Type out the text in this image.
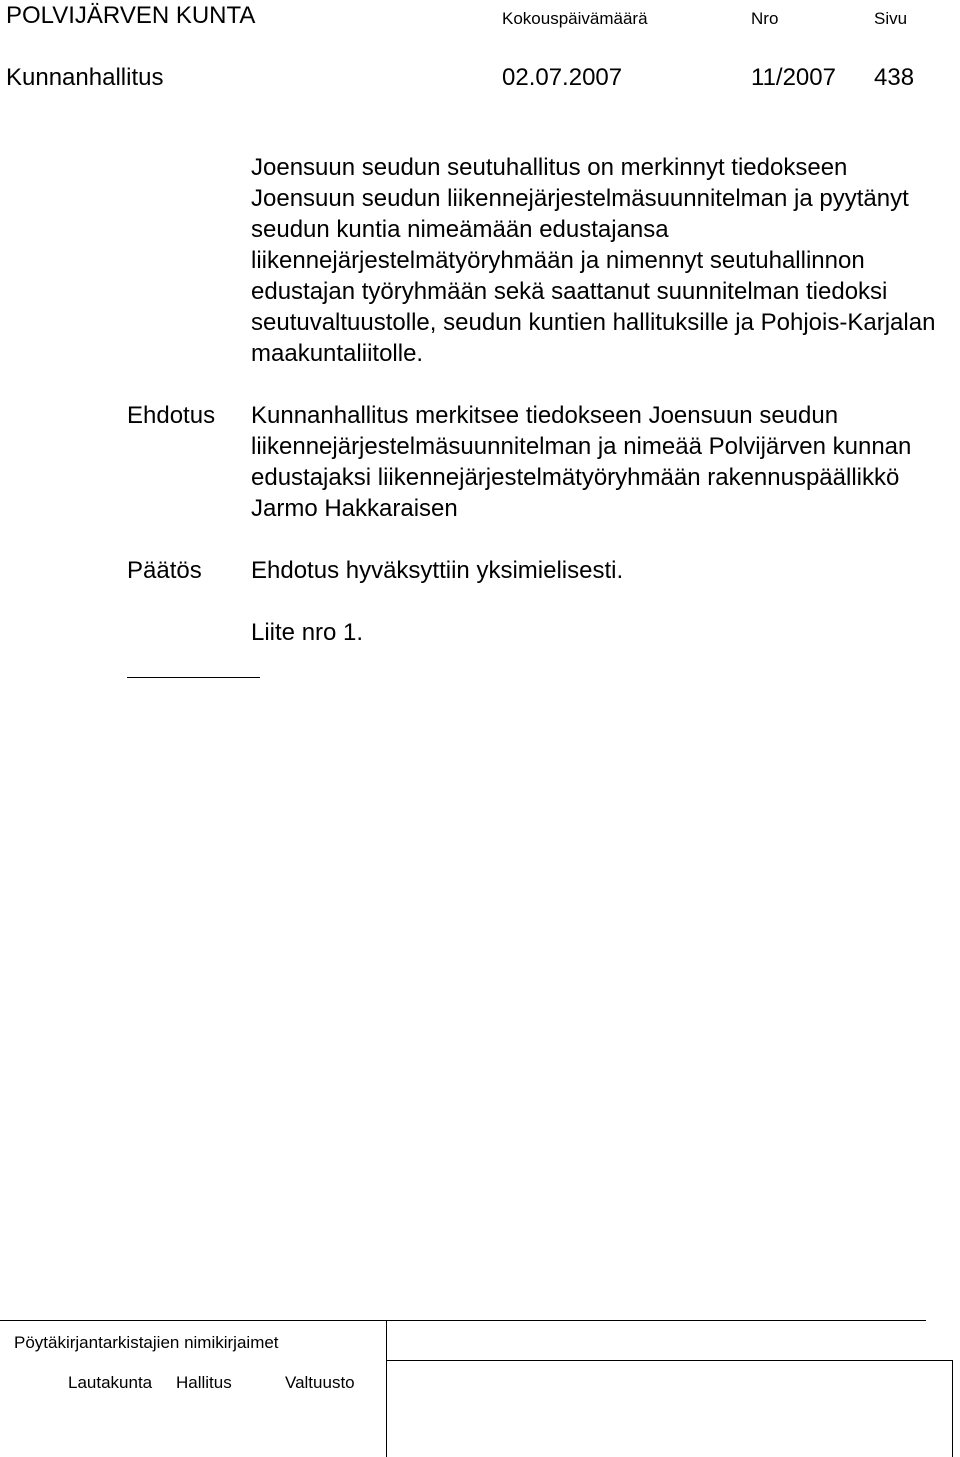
POLVIJÄRVEN KUNTA	Kokouspäivämäärä	Nro	Sivu
Kunnanhallitus	02.07.2007	11/2007 438
Joensuun seudun seutuhallitus on merkinnyt tiedokseen Joensuun seudun liikennejärjestelmäsuunnitelman ja pyytänyt seudun kuntia nimeämään edustajansa liikennejärjestelmätyöryhmään ja nimennyt seutuhallinnon edustajan työryhmään sekä saattanut suunnitelman tiedoksi seutuvaltuustolle, seudun kuntien hallituksille ja Pohjois-Karjalan maakuntaliitolle.
Ehdotus Kunnanhallitus merkitsee tiedokseen Joensuun seudun liikennejärjestelmäsuunnitelman ja nimeää Polvijärven kunnan edustajaksi liikennejärjestelmätyöryhmään rakennuspäällikkö Jarmo Hakkaraisen
Päätös Ehdotus hyväksyttiin yksimielisesti.
Liite nro 1.
Pöytäkirjantarkistajien nimikirjaimet
Lautakunta	Hallitus	Valtuusto
